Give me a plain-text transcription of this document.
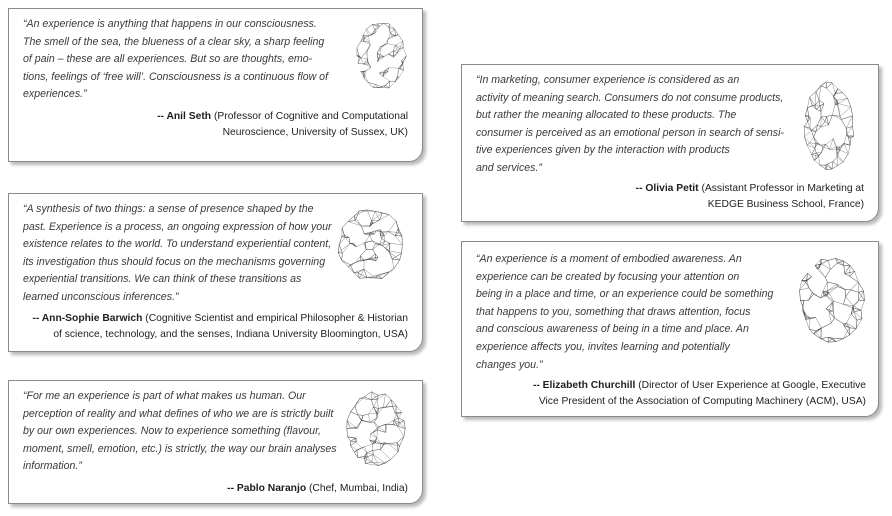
“An experience is anything that happens in our consciousness.
The smell of the sea, the blueness of a clear sky, a sharp feeling
of pain – these are all experiences. But so are thoughts, emo-
tions, feelings of ‘free will’. Consciousness is a continuous flow of
experiences.”
-- Anil Seth (Professor of Cognitive and Computational
Neuroscience, University of Sussex, UK)
“In marketing, consumer experience is considered as an
activity of meaning search. Consumers do not consume products,
but rather the meaning allocated to these products. The
consumer is perceived as an emotional person in search of sensi-
tive experiences given by the interaction with products
and services.”
-- Olivia Petit (Assistant Professor in Marketing at
KEDGE Business School, France)
“A synthesis of two things: a sense of presence shaped by the
past. Experience is a process, an ongoing expression of how your
existence relates to the world. To understand experiential content,
its investigation thus should focus on the mechanisms governing
experiential transitions. We can think of these transitions as
learned unconscious inferences.”
-- Ann-Sophie Barwich (Cognitive Scientist and empirical Philosopher & Historian
of science, technology, and the senses, Indiana University Bloomington, USA)
“An experience is a moment of embodied awareness. An
experience can be created by focusing your attention on
being in a place and time, or an experience could be something
that happens to you, something that draws attention, focus
and conscious awareness of being in a time and place. An
experience affects you, invites learning and potentially
changes you.”
-- Elizabeth Churchill (Director of User Experience at Google, Executive
Vice President of the Association of Computing Machinery (ACM), USA)
“For me an experience is part of what makes us human. Our
perception of reality and what defines of who we are is strictly built
by our own experiences. Now to experience something (flavour,
moment, smell, emotion, etc.) is strictly, the way our brain analyses
information.”
-- Pablo Naranjo (Chef, Mumbai, India)
